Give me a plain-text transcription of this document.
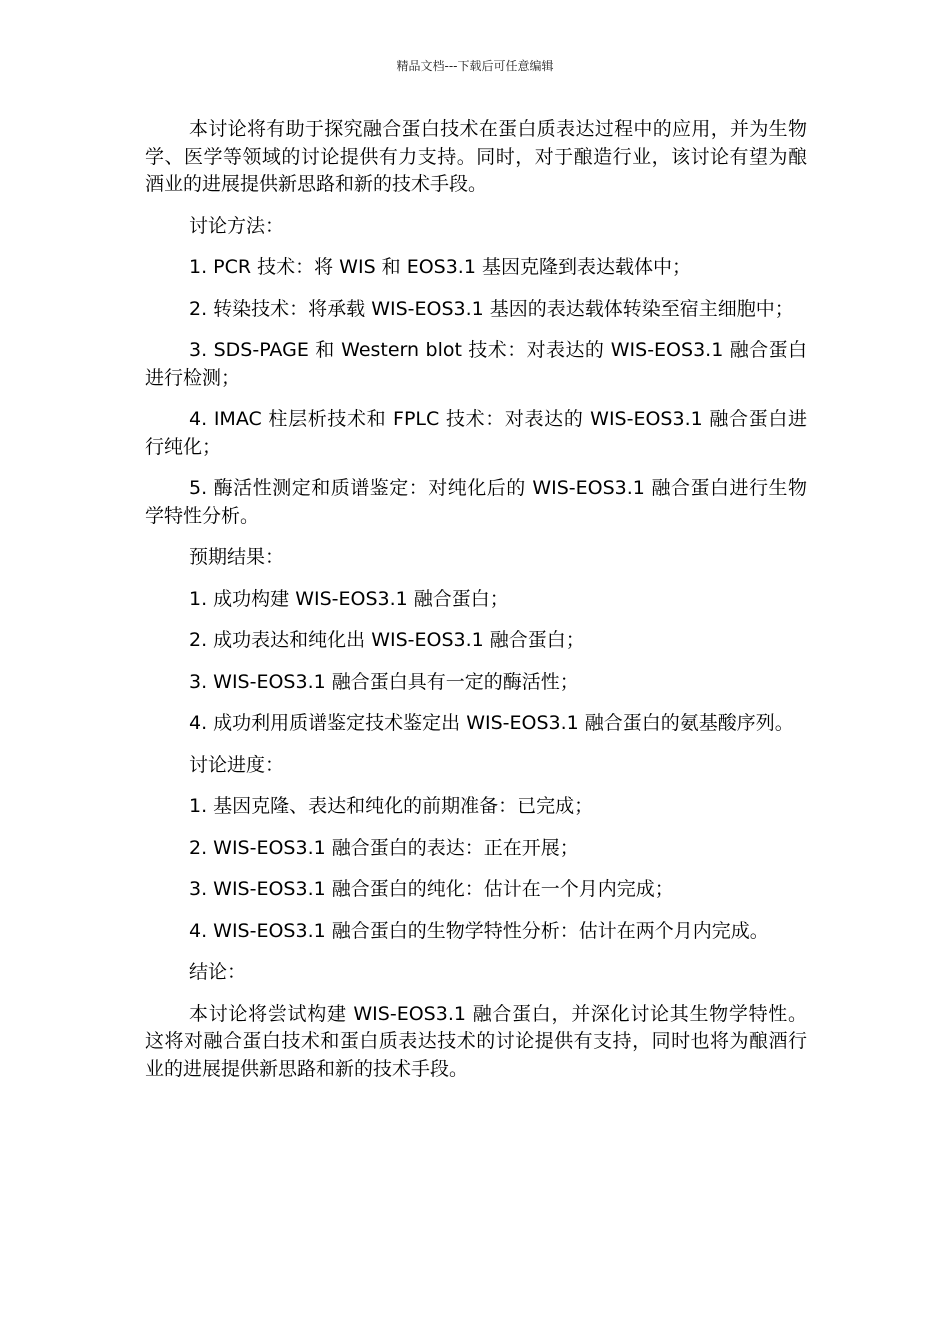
精品文档---下载后可任意编辑

本讨论将有助于探究融合蛋白技术在蛋白质表达过程中的应用，并为生物学、医学等领域的讨论提供有力支持。同时，对于酿造行业，该讨论有望为酿酒业的进展提供新思路和新的技术手段。

讨论方法：

1. PCR 技术：将 WIS 和 EOS3.1 基因克隆到表达载体中；

2. 转染技术：将承载 WIS-EOS3.1 基因的表达载体转染至宿主细胞中；

3. SDS-PAGE 和 Western blot 技术：对表达的 WIS-EOS3.1 融合蛋白进行检测；

4. IMAC 柱层析技术和 FPLC 技术：对表达的 WIS-EOS3.1 融合蛋白进行纯化；

5. 酶活性测定和质谱鉴定：对纯化后的 WIS-EOS3.1 融合蛋白进行生物学特性分析。

预期结果：

1. 成功构建 WIS-EOS3.1 融合蛋白；

2. 成功表达和纯化出 WIS-EOS3.1 融合蛋白；

3. WIS-EOS3.1 融合蛋白具有一定的酶活性；

4. 成功利用质谱鉴定技术鉴定出 WIS-EOS3.1 融合蛋白的氨基酸序列。

讨论进度：

1. 基因克隆、表达和纯化的前期准备：已完成；

2. WIS-EOS3.1 融合蛋白的表达：正在开展；

3. WIS-EOS3.1 融合蛋白的纯化：估计在一个月内完成；

4. WIS-EOS3.1 融合蛋白的生物学特性分析：估计在两个月内完成。

结论：

本讨论将尝试构建 WIS-EOS3.1 融合蛋白，并深化讨论其生物学特性。这将对融合蛋白技术和蛋白质表达技术的讨论提供有支持，同时也将为酿酒行业的进展提供新思路和新的技术手段。
